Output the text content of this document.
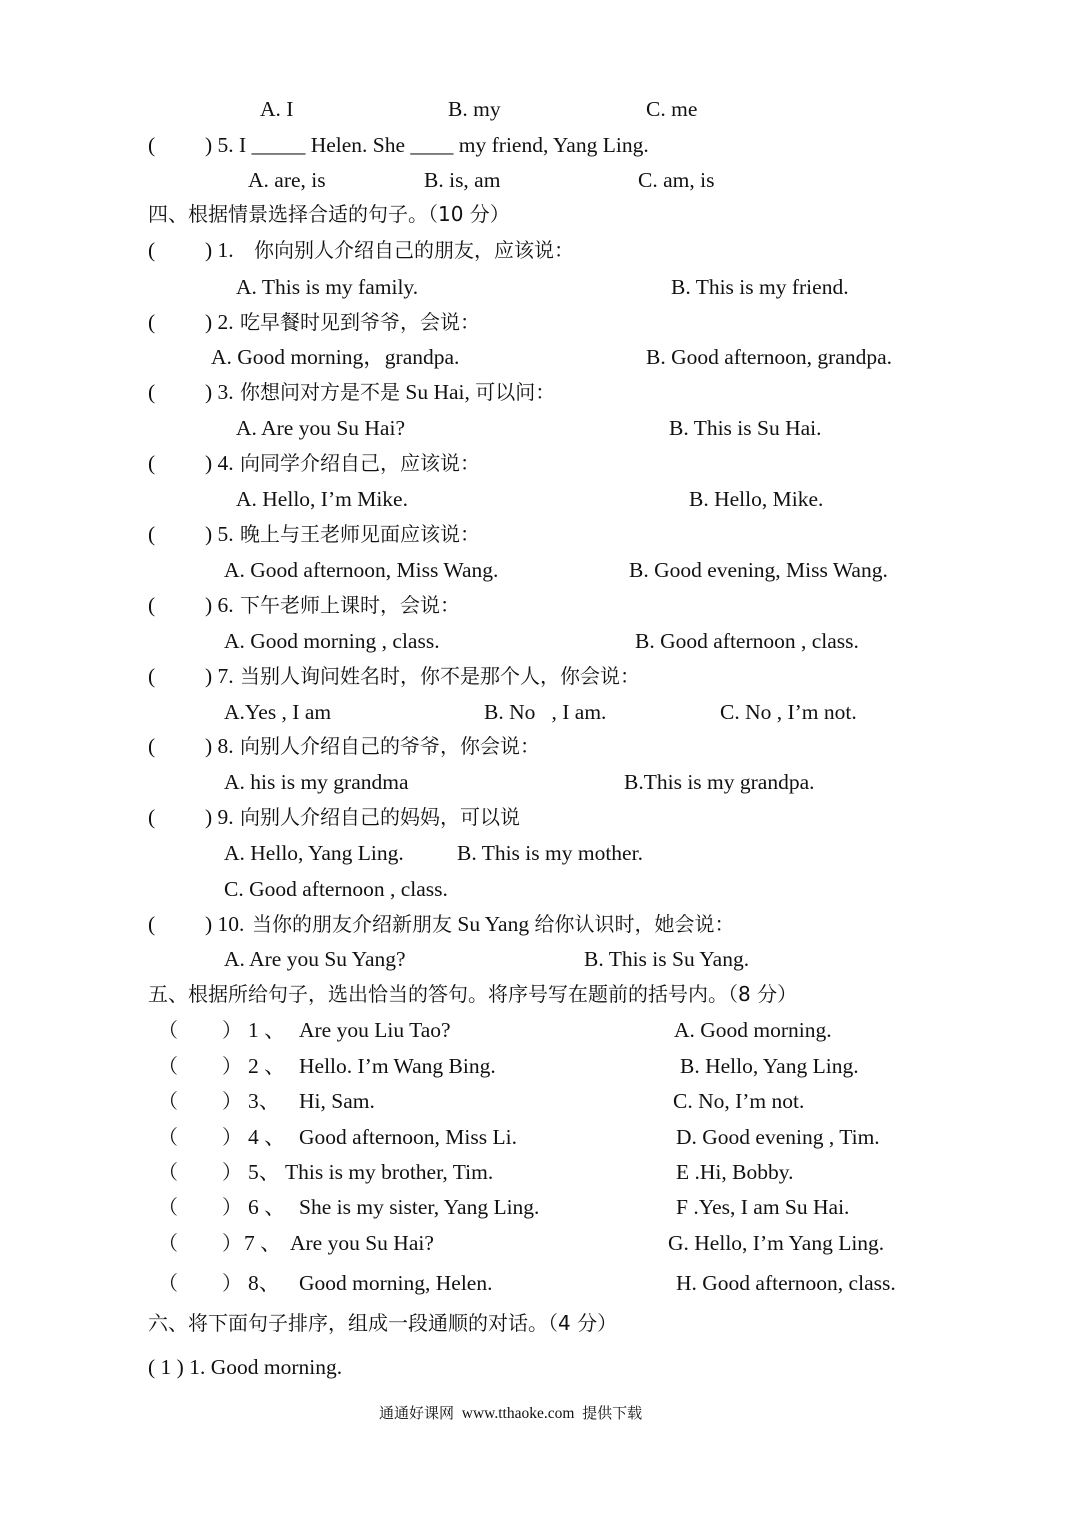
A. I	B. my	C. me
( ) 5. I _____ Helen. She ____ my friend, Yang Ling.
A. are, is	B. is, am	C. am, is
四、根据情景选择合适的句子。（10 分）
( ) 1. 你向别人介绍自己的朋友，应该说：
A. This is my family.	B. This is my friend.
( ) 2. 吃早餐时见到爷爷，会说：
A. Good morning，grandpa.	B. Good afternoon, grandpa.
( ) 3. 你想问对方是不是 Su Hai, 可以问：
A. Are you Su Hai?	B. This is Su Hai.
( ) 4. 向同学介绍自己，应该说：
A. Hello, I’m Mike.	B. Hello, Mike.
( ) 5. 晚上与王老师见面应该说：
A. Good afternoon, Miss Wang.	B. Good evening, Miss Wang.
( ) 6. 下午老师上课时，会说：
A. Good morning , class.	B. Good afternoon , class.
( ) 7. 当别人询问姓名时，你不是那个人，你会说：
A.Yes , I am	B. No   , I am.	C. No , I’m not.
( ) 8. 向别人介绍自己的爷爷，你会说：
A. his is my grandma	B.This is my grandpa.
( ) 9. 向别人介绍自己的妈妈，可以说
A. Hello, Yang Ling. B. This is my mother.
C. Good afternoon , class.
( ) 10. 当你的朋友介绍新朋友 Su Yang 给你认识时，她会说：
A. Are you Su Yang?	B. This is Su Yang.
五、根据所给句子，选出恰当的答句。将序号写在题前的括号内。（8 分）
（ ） 1 、 Are you Liu Tao?	A. Good morning.
（ ） 2 、 Hello. I’m Wang Bing.	B. Hello, Yang Ling.
（ ） 3、 Hi, Sam.	C. No, I’m not.
（ ） 4 、 Good afternoon, Miss Li.	D. Good evening , Tim.
（ ） 5、 This is my brother, Tim.	E .Hi, Bobby.
（ ） 6 、 She is my sister, Yang Ling.	F .Yes, I am Su Hai.
（ ） 7 、 Are you Su Hai?	G. Hello, I’m Yang Ling.
（ ） 8、 Good morning, Helen.	H. Good afternoon, class.
六、将下面句子排序，组成一段通顺的对话。（4 分）
( 1 ) 1. Good morning.
通通好课网 www.tthaoke.com 提供下载
